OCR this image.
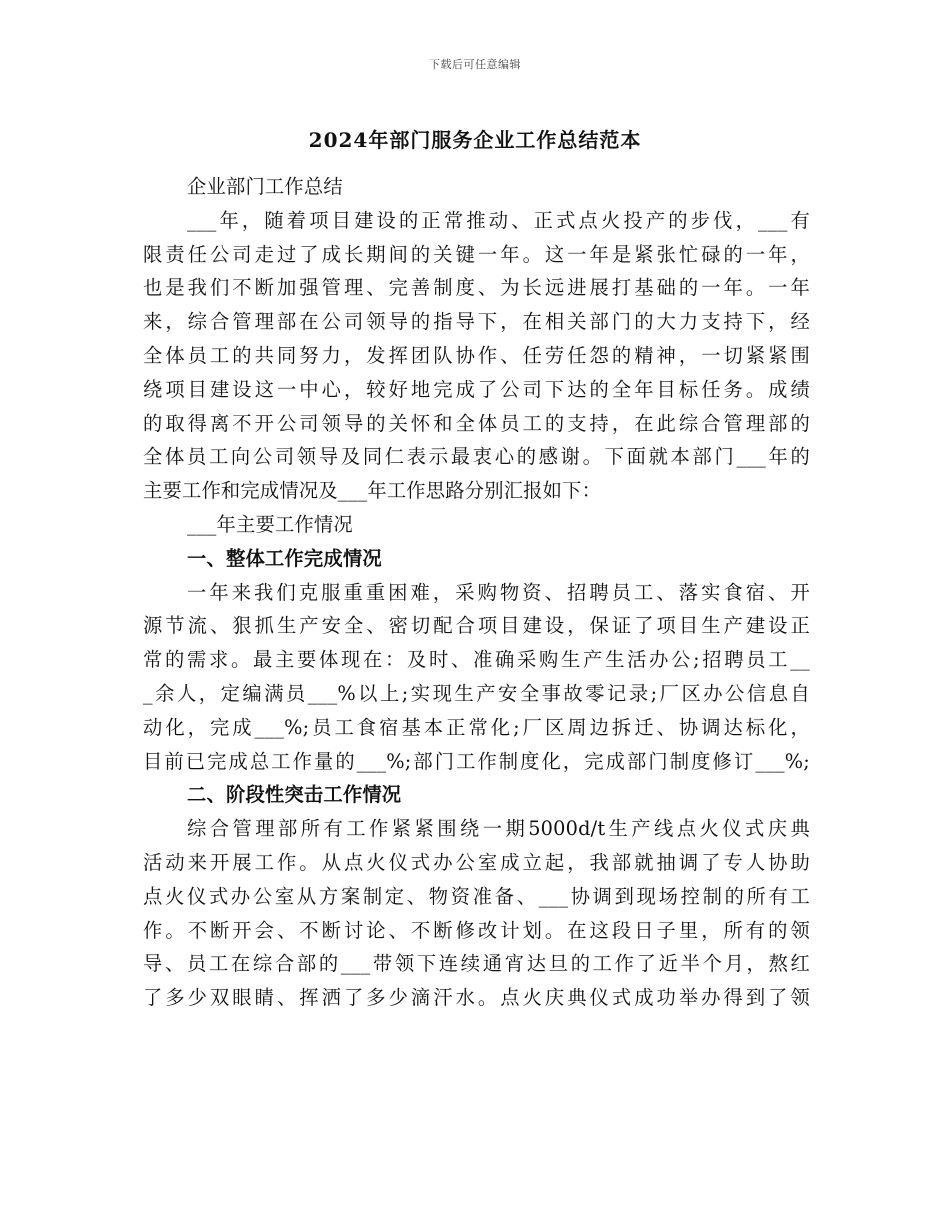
下载后可任意编辑
2024年部门服务企业工作总结范本
企业部门工作总结
___年，随着项目建设的正常推动、正式点火投产的步伐，___有
限责任公司走过了成长期间的关键一年。这一年是紧张忙碌的一年，
也是我们不断加强管理、完善制度、为长远进展打基础的一年。一年
来，综合管理部在公司领导的指导下，在相关部门的大力支持下，经
全体员工的共同努力，发挥团队协作、任劳任怨的精神，一切紧紧围
绕项目建设这一中心，较好地完成了公司下达的全年目标任务。成绩
的取得离不开公司领导的关怀和全体员工的支持，在此综合管理部的
全体员工向公司领导及同仁表示最衷心的感谢。下面就本部门___年的
主要工作和完成情况及___年工作思路分别汇报如下：
___年主要工作情况
一、整体工作完成情况
一年来我们克服重重困难，采购物资、招聘员工、落实食宿、开
源节流、狠抓生产安全、密切配合项目建设，保证了项目生产建设正
常的需求。最主要体现在：及时、准确采购生产生活办公;招聘员工__
_余人，定编满员___%以上;实现生产安全事故零记录;厂区办公信息自
动化，完成___%;员工食宿基本正常化;厂区周边拆迁、协调达标化，
目前已完成总工作量的___%;部门工作制度化，完成部门制度修订___%;
二、阶段性突击工作情况
综合管理部所有工作紧紧围绕一期5000d/t生产线点火仪式庆典
活动来开展工作。从点火仪式办公室成立起，我部就抽调了专人协助
点火仪式办公室从方案制定、物资准备、___协调到现场控制的所有工
作。不断开会、不断讨论、不断修改计划。在这段日子里，所有的领
导、员工在综合部的___带领下连续通宵达旦的工作了近半个月，熬红
了多少双眼睛、挥洒了多少滴汗水。点火庆典仪式成功举办得到了领
